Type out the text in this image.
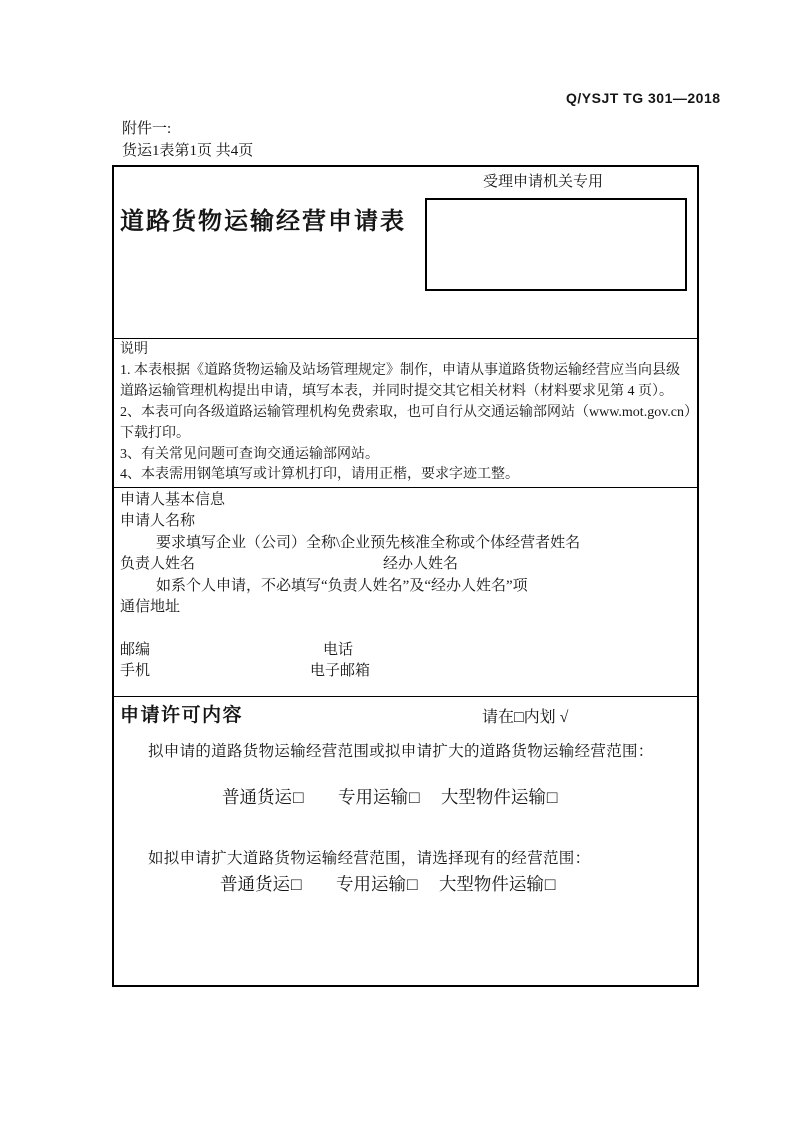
Q/YSJT TG 301—2018
附件一:
货运1表第1页 共4页
受理申请机关专用
道路货物运输经营申请表
说明
1. 本表根据《道路货物运输及站场管理规定》制作，申请从事道路货物运输经营应当向县级
道路运输管理机构提出申请，填写本表，并同时提交其它相关材料（材料要求见第 4 页）。
2、本表可向各级道路运输管理机构免费索取，也可自行从交通运输部网站（www.mot.gov.cn）
下载打印。
3、有关常见问题可查询交通运输部网站。
4、本表需用钢笔填写或计算机打印，请用正楷，要求字迹工整。
申请人基本信息
申请人名称
要求填写企业（公司）全称\企业预先核准全称或个体经营者姓名
负责人姓名	经办人姓名
如系个人申请，不必填写“负责人姓名”及“经办人姓名”项
通信地址
邮编	电话
手机	电子邮箱
申请许可内容	请在□内划 √
拟申请的道路货物运输经营范围或拟申请扩大的道路货物运输经营范围：
普通货运□ 专用运输□ 大型物件运输□
如拟申请扩大道路货物运输经营范围，请选择现有的经营范围：
普通货运□ 专用运输□ 大型物件运输□
